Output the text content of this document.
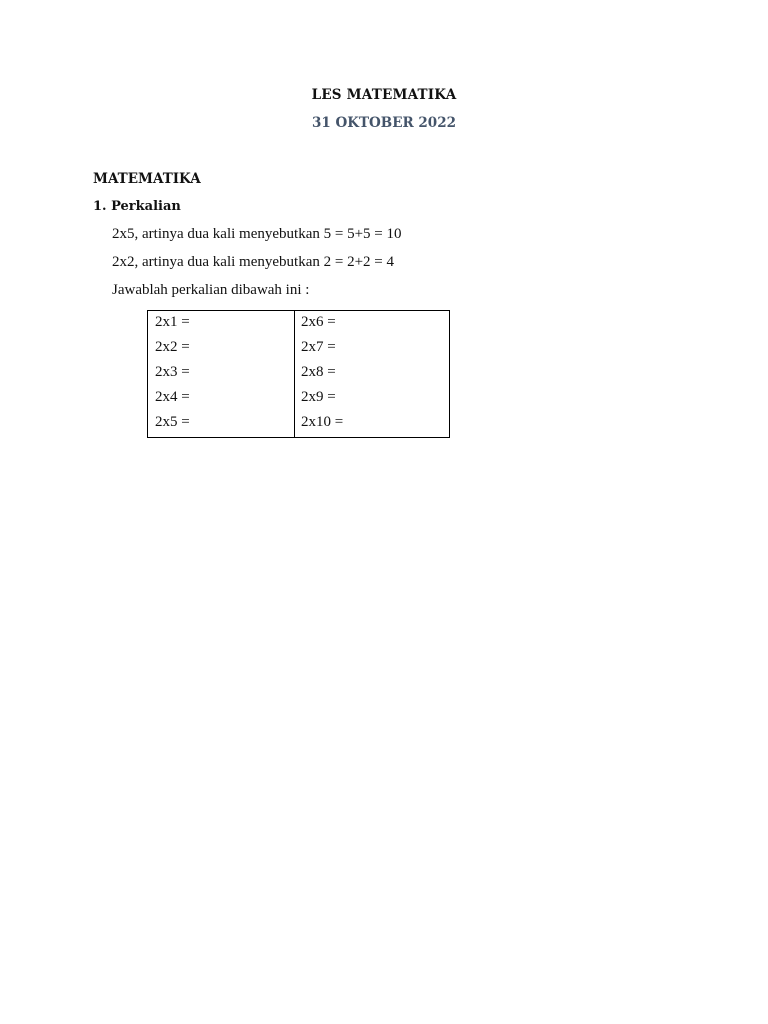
LES MATEMATIKA
31 OKTOBER 2022
MATEMATIKA
1. Perkalian
2x5, artinya dua kali menyebutkan 5 = 5+5 = 10
2x2, artinya dua kali menyebutkan 2 = 2+2 = 4
Jawablah perkalian dibawah ini :
2x1 =
2x2 =
2x3 =
2x4 =
2x5 =
2x6 =
2x7 =
2x8 =
2x9 =
2x10 =
